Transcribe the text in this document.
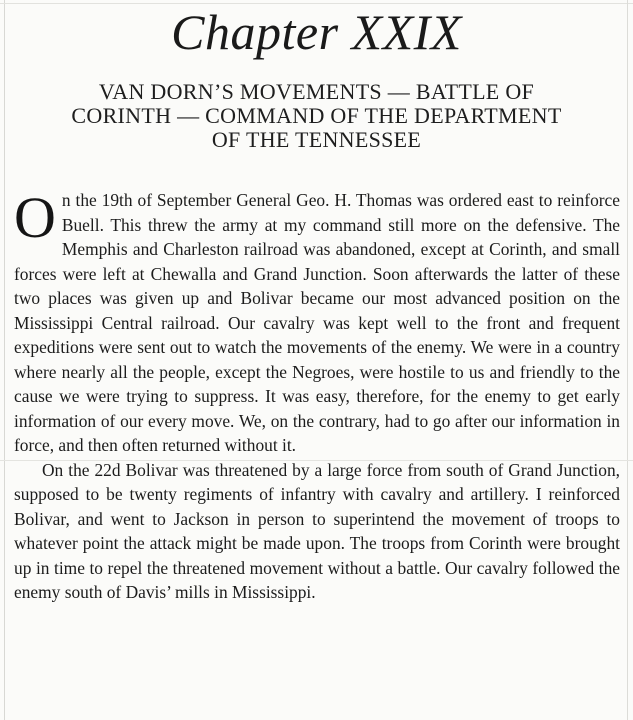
Chapter XXIX
VAN DORN’S MOVEMENTS — BATTLE OF
CORINTH — COMMAND OF THE DEPARTMENT
OF THE TENNESSEE

On the 19th of September General Geo. H. Thomas was ordered east to reinforce Buell. This threw the army at my command still more on the defensive. The Memphis and Charleston railroad was abandoned, except at Corinth, and small forces were left at Chewalla and Grand Junction. Soon afterwards the latter of these two places was given up and Bolivar became our most advanced position on the Mississippi Central railroad. Our cavalry was kept well to the front and frequent expeditions were sent out to watch the movements of the enemy. We were in a country where nearly all the people, except the Negroes, were hostile to us and friendly to the cause we were trying to suppress. It was easy, therefore, for the enemy to get early information of our every move. We, on the contrary, had to go after our information in force, and then often returned without it.

On the 22d Bolivar was threatened by a large force from south of Grand Junction, supposed to be twenty regiments of infantry with cavalry and artillery. I reinforced Bolivar, and went to Jackson in person to superintend the movement of troops to whatever point the attack might be made upon. The troops from Corinth were brought up in time to repel the threatened movement without a battle. Our cavalry followed the enemy south of Davis’ mills in Mississippi.
